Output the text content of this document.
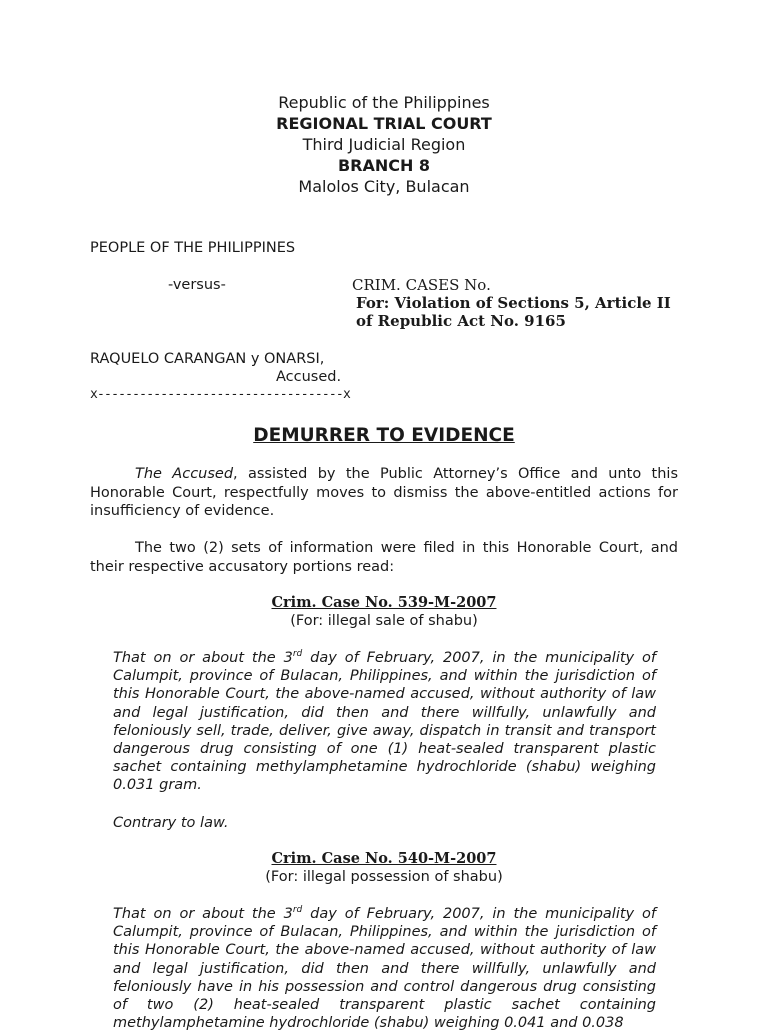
Republic of the Philippines
REGIONAL TRIAL COURT
Third Judicial Region
BRANCH 8
Malolos City, Bulacan
PEOPLE OF THE PHILIPPINES
-versus-	CRIM. CASES No.
For: Violation of Sections 5, Article II
of Republic Act No. 9165
RAQUELO CARANGAN y ONARSI,
Accused.
x-----------------------------------x
DEMURRER TO EVIDENCE
The Accused, assisted by the Public Attorney’s Office and unto this Honorable Court, respectfully moves to dismiss the above-entitled actions for insufficiency of evidence.
The two (2) sets of information were filed in this Honorable Court, and their respective accusatory portions read:
Crim. Case No. 539-M-2007
(For: illegal sale of shabu)
That on or about the 3rd day of February, 2007, in the municipality of Calumpit, province of Bulacan, Philippines, and within the jurisdiction of this Honorable Court, the above-named accused, without authority of law and legal justification, did then and there willfully, unlawfully and feloniously sell, trade, deliver, give away, dispatch in transit and transport dangerous drug consisting of one (1) heat-sealed transparent plastic sachet containing methylamphetamine hydrochloride (shabu) weighing 0.031 gram.
Contrary to law.
Crim. Case No. 540-M-2007
(For: illegal possession of shabu)
That on or about the 3rd day of February, 2007, in the municipality of Calumpit, province of Bulacan, Philippines, and within the jurisdiction of this Honorable Court, the above-named accused, without authority of law and legal justification, did then and there willfully, unlawfully and feloniously have in his possession and control dangerous drug consisting of two (2) heat-sealed transparent plastic sachet containing methylamphetamine hydrochloride (shabu) weighing 0.041 and 0.038
